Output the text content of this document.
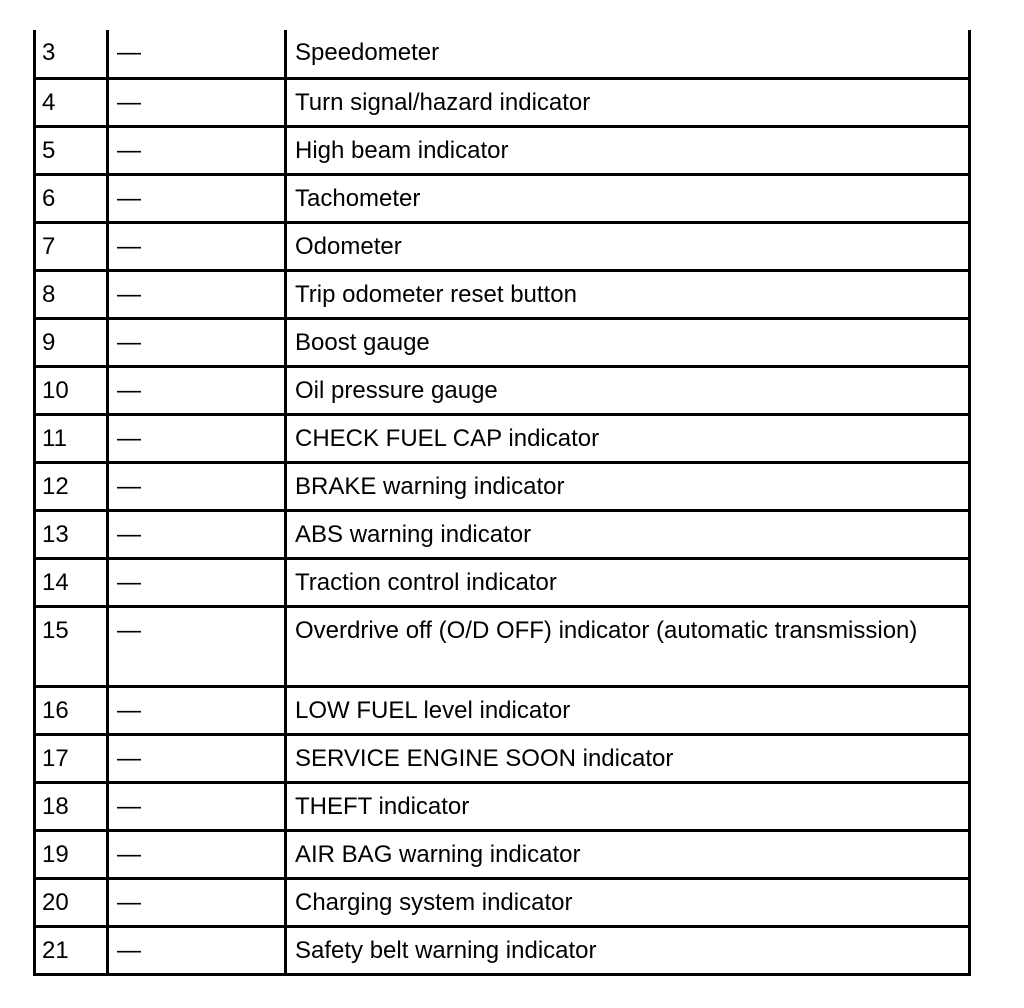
3	—	Speedometer
4	—	Turn signal/hazard indicator
5	—	High beam indicator
6	—	Tachometer
7	—	Odometer
8	—	Trip odometer reset button
9	—	Boost gauge
10	—	Oil pressure gauge
11	—	CHECK FUEL CAP indicator
12	—	BRAKE warning indicator
13	—	ABS warning indicator
14	—	Traction control indicator
15	—	Overdrive off (O/D OFF) indicator (automatic transmission)
16	—	LOW FUEL level indicator
17	—	SERVICE ENGINE SOON indicator
18	—	THEFT indicator
19	—	AIR BAG warning indicator
20	—	Charging system indicator
21	—	Safety belt warning indicator
